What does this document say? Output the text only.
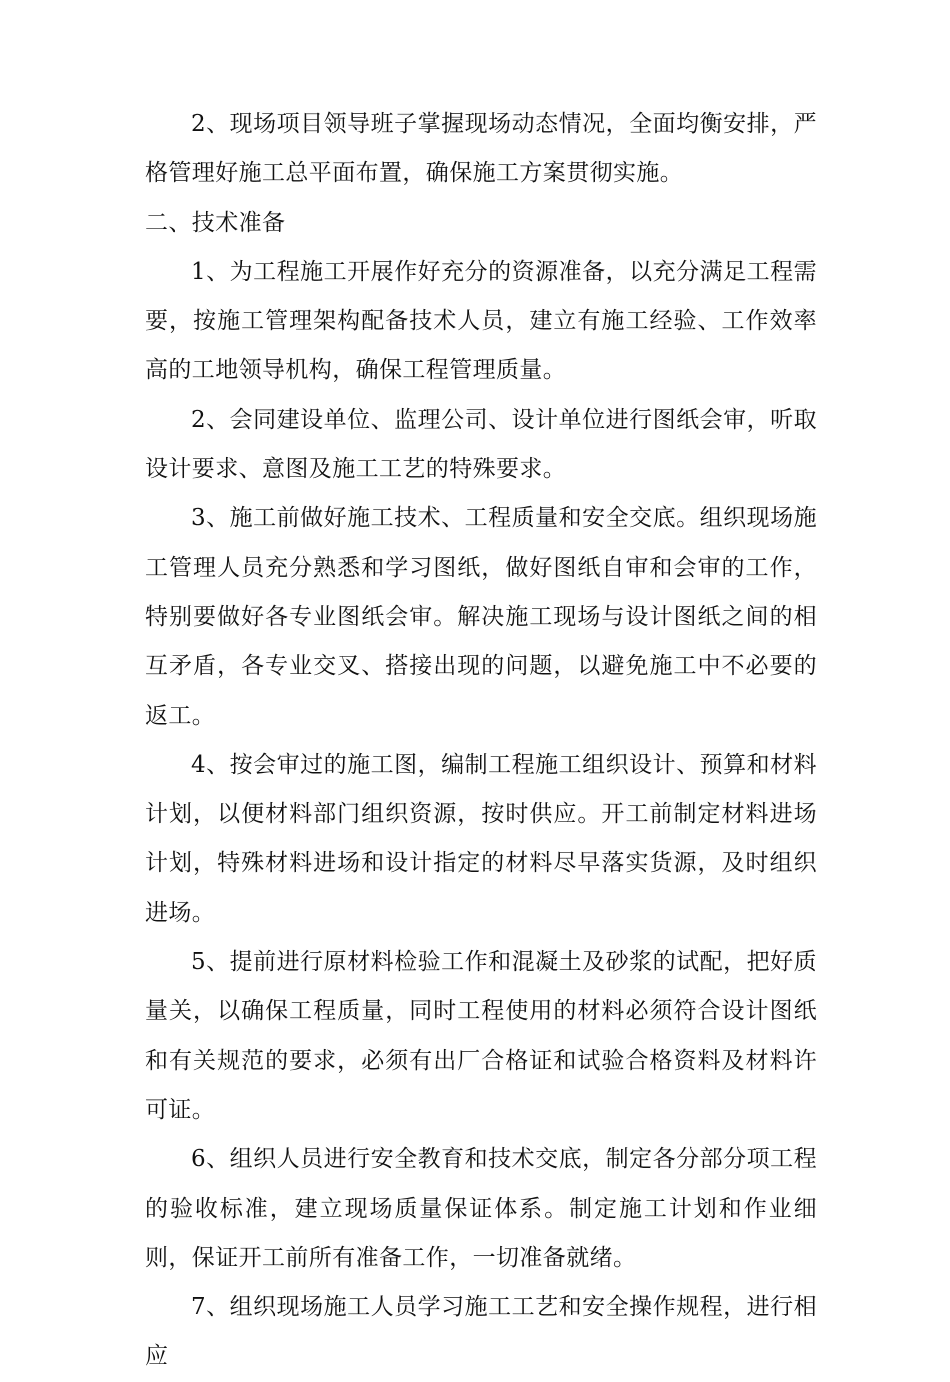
2、现场项目领导班子掌握现场动态情况，全面均衡安排，严格管理好施工总平面布置，确保施工方案贯彻实施。

二、技术准备

1、为工程施工开展作好充分的资源准备，以充分满足工程需要，按施工管理架构配备技术人员，建立有施工经验、工作效率高的工地领导机构，确保工程管理质量。

2、会同建设单位、监理公司、设计单位进行图纸会审，听取设计要求、意图及施工工艺的特殊要求。

3、施工前做好施工技术、工程质量和安全交底。组织现场施工管理人员充分熟悉和学习图纸，做好图纸自审和会审的工作，特别要做好各专业图纸会审。解决施工现场与设计图纸之间的相互矛盾，各专业交叉、搭接出现的问题，以避免施工中不必要的返工。

4、按会审过的施工图，编制工程施工组织设计、预算和材料计划，以便材料部门组织资源，按时供应。开工前制定材料进场计划，特殊材料进场和设计指定的材料尽早落实货源，及时组织进场。

5、提前进行原材料检验工作和混凝土及砂浆的试配，把好质量关，以确保工程质量，同时工程使用的材料必须符合设计图纸和有关规范的要求，必须有出厂合格证和试验合格资料及材料许可证。

6、组织人员进行安全教育和技术交底，制定各分部分项工程的验收标准，建立现场质量保证体系。制定施工计划和作业细则，保证开工前所有准备工作，一切准备就绪。

7、组织现场施工人员学习施工工艺和安全操作规程，进行相应
